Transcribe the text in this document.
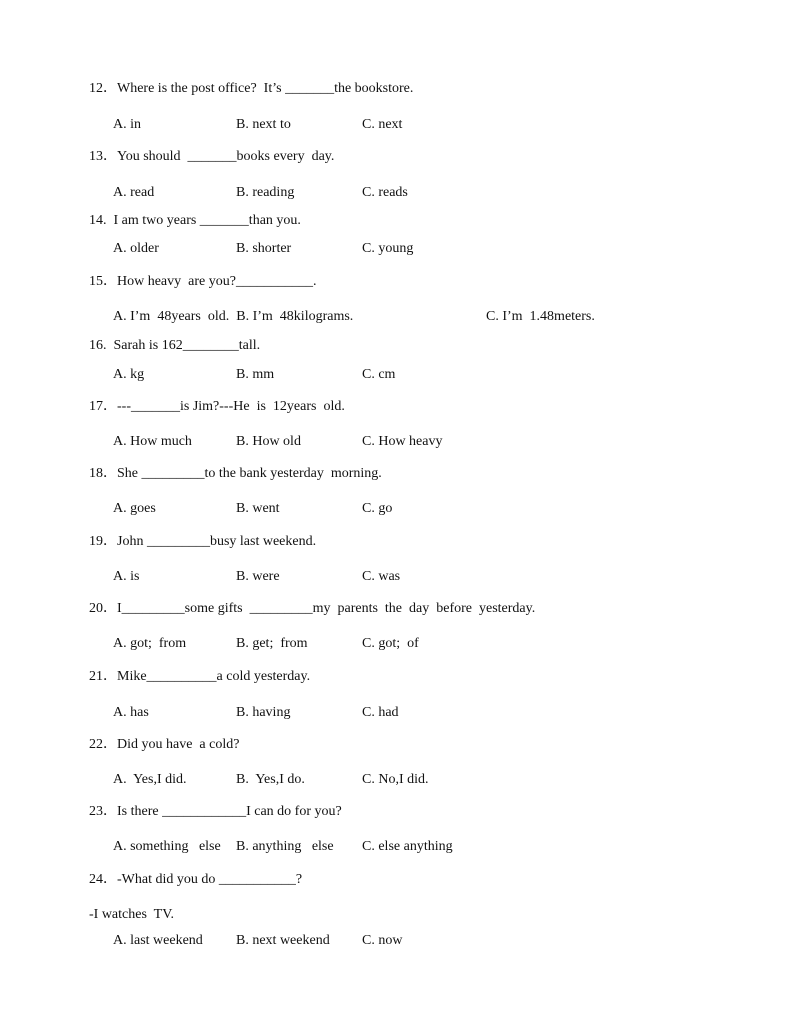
12．Where is the post office?  It’s _______the bookstore.
A. in	B. next to	C. next
13．You should  _______books every  day.
A. read	B. reading	C. reads
14.  I am two years _______than you.
A. older	B. shorter	C. young
15．How heavy  are you?___________.
A. I’m  48years  old.  B. I’m  48kilograms.	C. I’m  1.48meters.
16.  Sarah is 162________tall.
A. kg	B. mm	C. cm
17．---_______is Jim?---He  is  12years  old.
A. How much	B. How old	C. How heavy
18．She _________to the bank yesterday  morning.
A. goes	B. went	C. go
19．John _________busy last weekend.
A. is	B. were	C. was
20．I_________some gifts  _________my  parents  the  day  before  yesterday.
A. got;  from	B. get;  from	C. got;  of
21．Mike__________a cold yesterday.
A. has	B. having	C. had
22．Did you have  a cold?
A.  Yes,I did.	B.  Yes,I do.	C. No,I did.
23．Is there ____________I can do for you?
A. something   else B. anything   else C. else anything
24．-What did you do ___________?
-I watches  TV.
A. last weekend B. next weekend C. now
